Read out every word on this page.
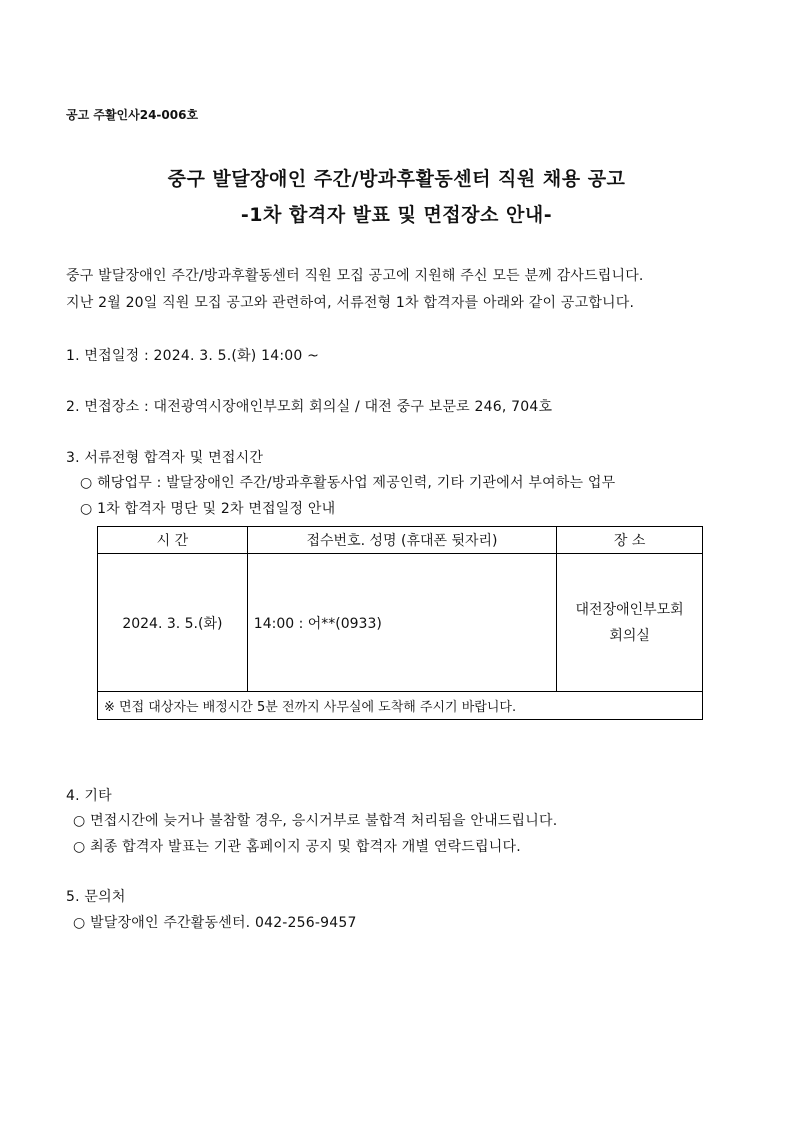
공고 주활인사24-006호
중구 발달장애인 주간/방과후활동센터 직원 채용 공고
-1차 합격자 발표 및 면접장소 안내-
중구 발달장애인 주간/방과후활동센터 직원 모집 공고에 지원해 주신 모든 분께 감사드립니다.
지난 2월 20일 직원 모집 공고와 관련하여, 서류전형 1차 합격자를 아래와 같이 공고합니다.
1. 면접일정 : 2024. 3. 5.(화) 14:00 ~
2. 면접장소 : 대전광역시장애인부모회 회의실 / 대전 중구 보문로 246, 704호
3. 서류전형 합격자 및 면접시간
○ 해당업무 : 발달장애인 주간/방과후활동사업 제공인력, 기타 기관에서 부여하는 업무
○ 1차 합격자 명단 및 2차 면접일정 안내
시 간	접수번호. 성명 (휴대폰 뒷자리)	장 소
2024. 3. 5.(화)	14:00 : 어**(0933)	대전장애인부모회
회의실

※ 면접 대상자는 배정시간 5분 전까지 사무실에 도착해 주시기 바랍니다.		
4. 기타
○ 면접시간에 늦거나 불참할 경우, 응시거부로 불합격 처리됨을 안내드립니다.
○ 최종 합격자 발표는 기관 홈페이지 공지 및 합격자 개별 연락드립니다.
5. 문의처
○ 발달장애인 주간활동센터. 042-256-9457
